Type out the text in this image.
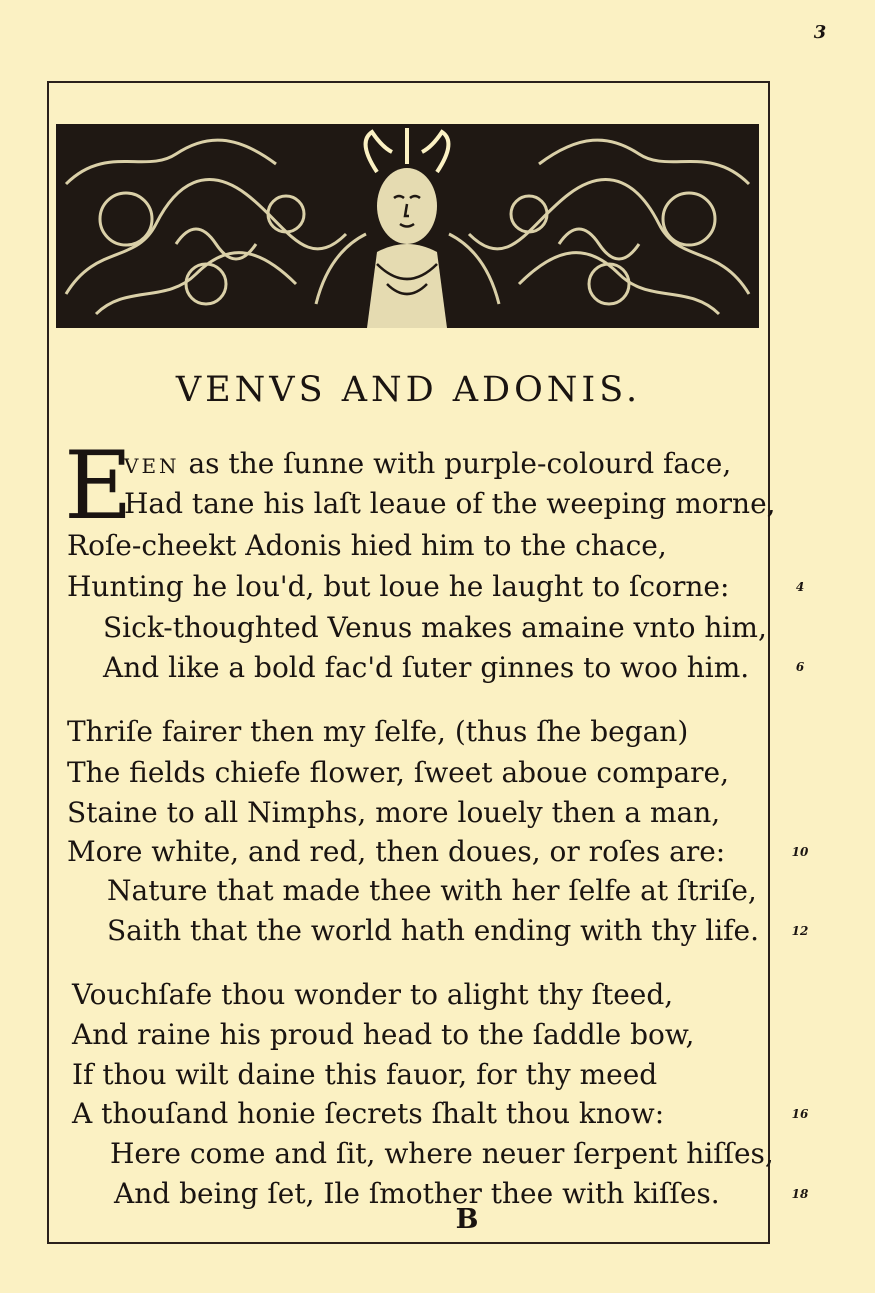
3
VENVS AND ADONIS.
E
VEN as the ſunne with purple-colourd face,
Had tane his laſt leaue of the weeping morne,
Roſe-cheekt Adonis hied him to the chace,
Hunting he lou'd, but loue he laught to ſcorne:
Sick-thoughted Venus makes amaine vnto him,
And like a bold fac'd ſuter ginnes to woo him.
Thriſe fairer then my ſelfe, (thus ſhe began)
The fields chiefe flower, ſweet aboue compare,
Staine to all Nimphs, more louely then a man,
More white, and red, then doues, or roſes are:
Nature that made thee with her ſelfe at ſtriſe,
Saith that the world hath ending with thy life.
Vouchſafe thou wonder to alight thy ſteed,
And raine his proud head to the ſaddle bow,
If thou wilt daine this fauor, for thy meed
A thouſand honie ſecrets ſhalt thou know:
Here come and ſit, where neuer ſerpent hiſſes,
And being ſet, Ile ſmother thee with kiſſes.
4
6
10
12
16
18
B
